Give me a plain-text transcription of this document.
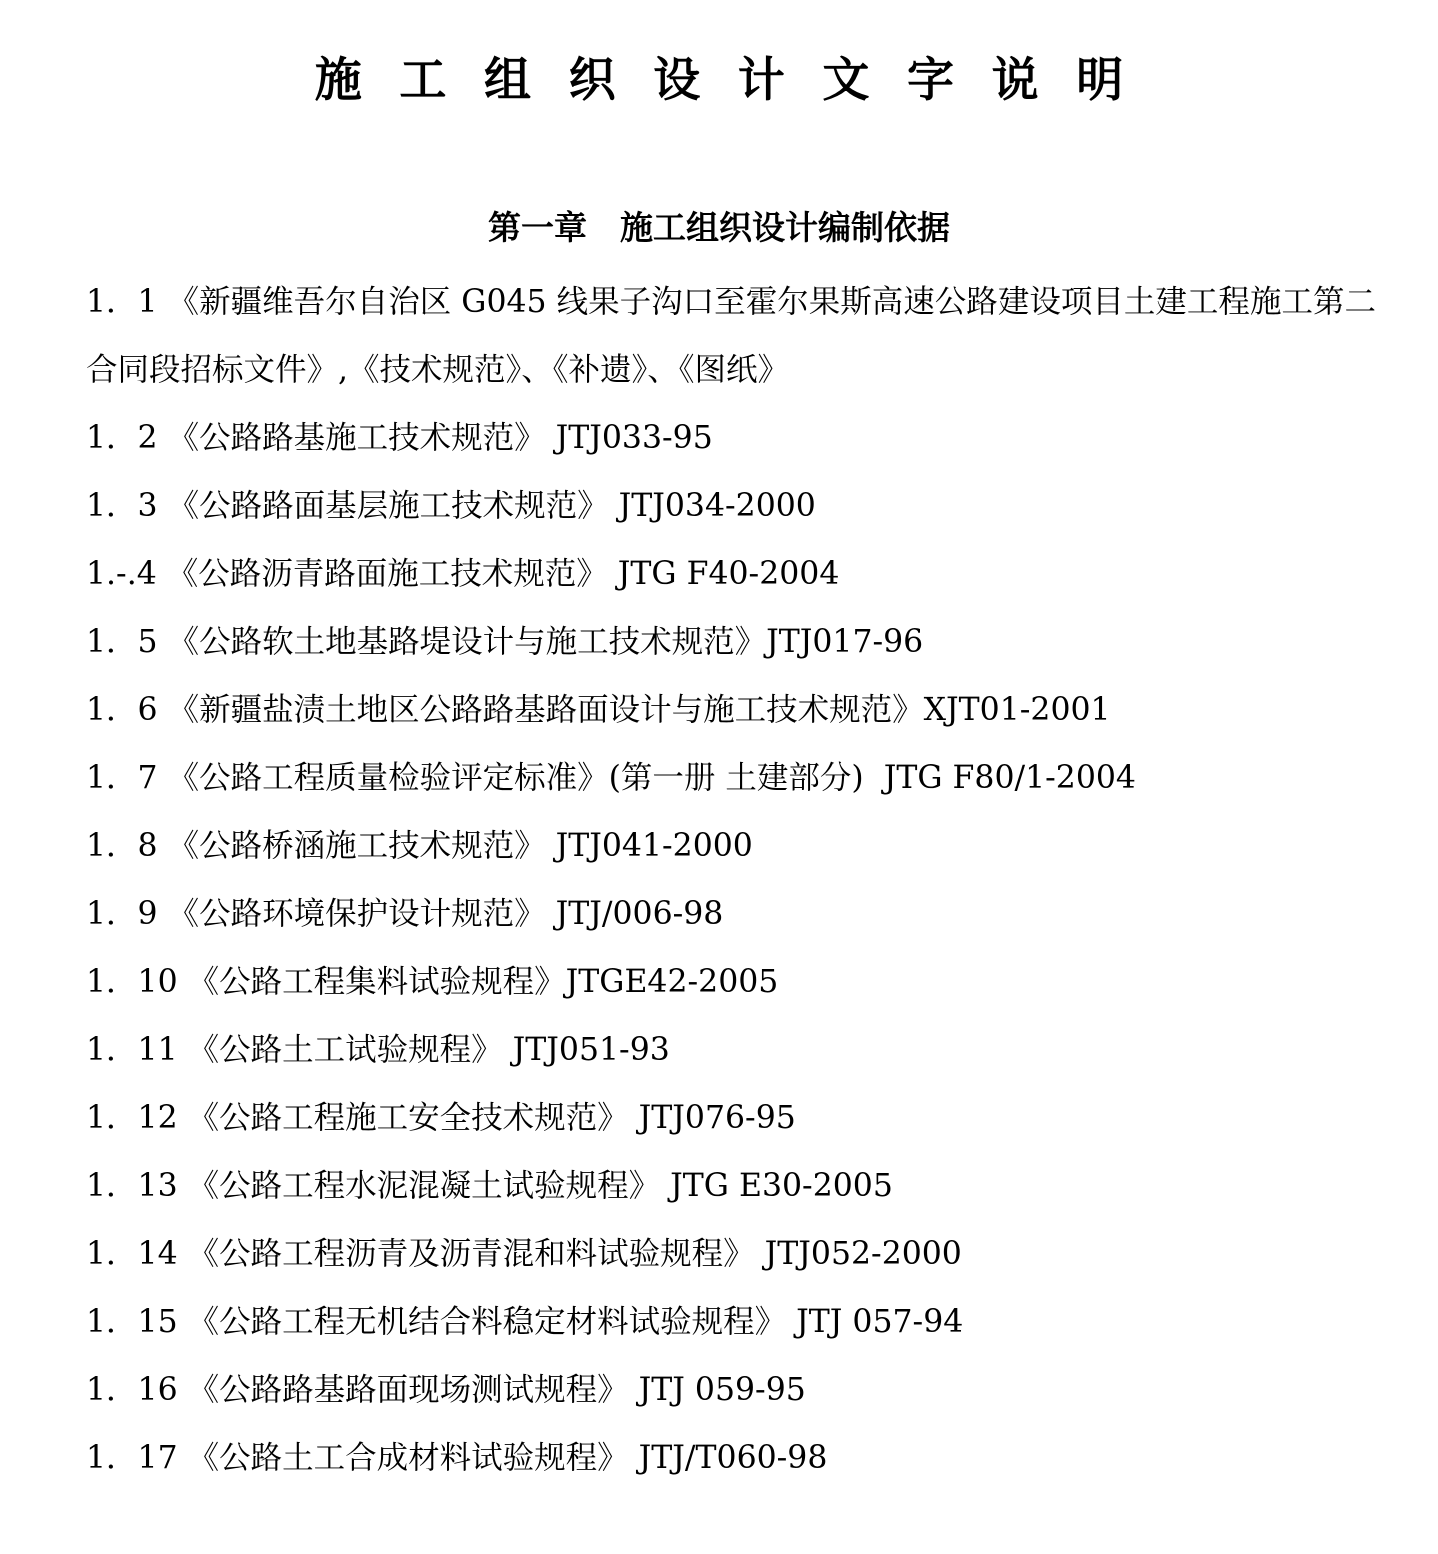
施工组织设计文字说明
第一章　施工组织设计编制依据
1．1 《新疆维吾尔自治区 G045 线果子沟口至霍尔果斯高速公路建设项目土建工程施工第二合同段招标文件》,《技术规范》、《补遗》、《图纸》
1．2 《公路路基施工技术规范》 JTJ033-95
1．3 《公路路面基层施工技术规范》 JTJ034-2000
1.-.4 《公路沥青路面施工技术规范》 JTG F40-2004
1．5 《公路软土地基路堤设计与施工技术规范》JTJ017-96
1．6 《新疆盐渍土地区公路路基路面设计与施工技术规范》XJT01-2001
1．7 《公路工程质量检验评定标准》(第一册 土建部分)  JTG F80/1-2004
1．8 《公路桥涵施工技术规范》 JTJ041-2000
1．9 《公路环境保护设计规范》 JTJ/006-98
1．10 《公路工程集料试验规程》JTGE42-2005
1．11 《公路土工试验规程》 JTJ051-93
1．12 《公路工程施工安全技术规范》 JTJ076-95
1．13 《公路工程水泥混凝土试验规程》 JTG E30-2005
1．14 《公路工程沥青及沥青混和料试验规程》 JTJ052-2000
1．15 《公路工程无机结合料稳定材料试验规程》 JTJ 057-94
1．16 《公路路基路面现场测试规程》 JTJ 059-95
1．17 《公路土工合成材料试验规程》 JTJ/T060-98
